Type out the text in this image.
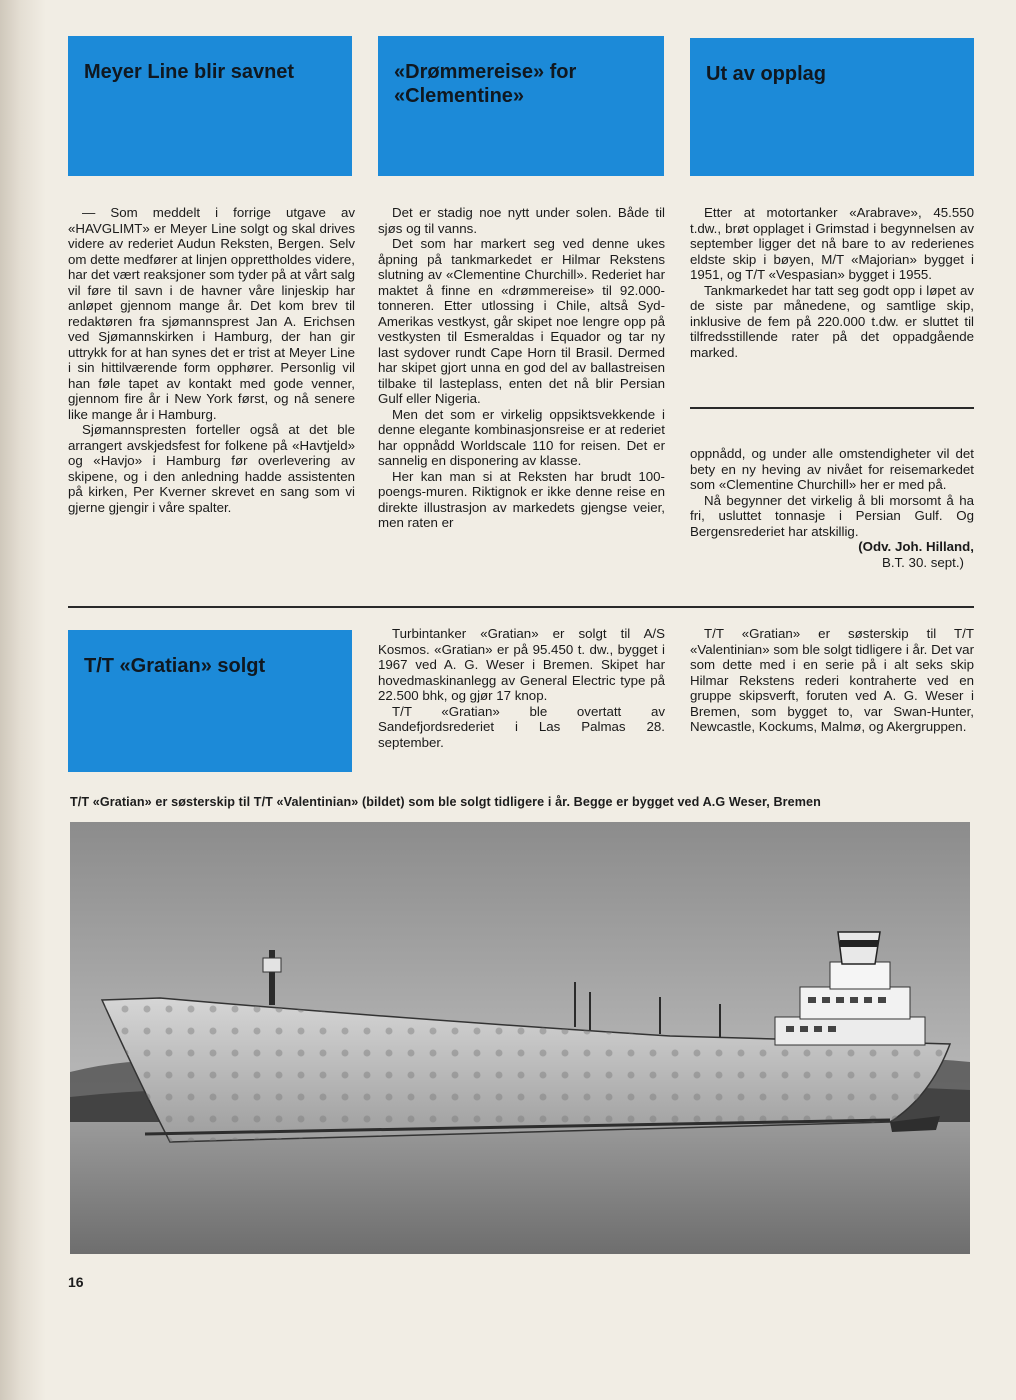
Meyer Line blir savnet	«Drømmereise» for «Clementine»
Ut av opplag

— Som meddelt i forrige utgave av «HAVGLIMT» er Meyer Line solgt og skal drives videre av rederiet Audun Reksten, Bergen. Selv om dette medfører at linjen opprettholdes videre, har det vært reaksjoner som tyder på at vårt salg vil føre til savn i de havner våre linjeskip har anløpet gjennom mange år. Det kom brev til redaktøren fra sjømannsprest Jan A. Erichsen ved Sjømannskirken i Hamburg, der han gir uttrykk for at han synes det er trist at Meyer Line i sin hittilværende form opphører. Personlig vil han føle tapet av kontakt med gode venner, gjennom fire år i New York først, og nå senere like mange år i Hamburg.

Sjømannspresten forteller også at det ble arrangert avskjedsfest for folkene på «Havtjeld» og «Havjo» i Hamburg før overlevering av skipene, og i den anledning hadde assistenten på kirken, Per Kverner skrevet en sang som vi gjerne gjengir i våre spalter.

Det er stadig noe nytt under solen. Både til sjøs og til vanns.

Det som har markert seg ved denne ukes åpning på tankmarkedet er Hilmar Rekstens slutning av «Clementine Churchill». Rederiet har maktet å finne en «drømmereise» til 92.000-tonneren. Etter utlossing i Chile, altså Syd-Amerikas vestkyst, går skipet noe lengre opp på vestkysten til Esmeraldas i Equador og tar ny last sydover rundt Cape Horn til Brasil. Dermed har skipet gjort unna en god del av ballastreisen tilbake til lasteplass, enten det nå blir Persian Gulf eller Nigeria.

Men det som er virkelig oppsiktsvekkende i denne elegante kombinasjonsreise er at rederiet har oppnådd Worldscale 110 for reisen. Det er sannelig en disponering av klasse.

Her kan man si at Reksten har brudt 100-poengs-muren. Riktignok er ikke denne reise en direkte illustrasjon av markedets gjengse veier, men raten er

Etter at motortanker «Arabrave», 45.550 t.dw., brøt opplaget i Grimstad i begynnelsen av september ligger det nå bare to av rederienes eldste skip i bøyen, M/T «Majorian» bygget i 1951, og T/T «Vespasian» bygget i 1955.

Tankmarkedet har tatt seg godt opp i løpet av de siste par månedene, og samtlige skip, inklusive de fem på 220.000 t.dw. er sluttet til tilfredsstillende rater på det oppadgående marked.

oppnådd, og under alle omstendigheter vil det bety en ny heving av nivået for reisemarkedet som «Clementine Churchill» her er med på.

Nå begynner det virkelig å bli morsomt å ha fri, usluttet tonnasje i Persian Gulf. Og Bergensrederiet har atskillig.

(Odv. Joh. Hilland,
B.T. 30. sept.)
T/T «Gratian» solgt

Turbintanker «Gratian» er solgt til A/S Kosmos. «Gratian» er på 95.450 t. dw., bygget i 1967 ved A. G. Weser i Bremen. Skipet har hovedmaskinanlegg av General Electric type på 22.500 bhk, og gjør 17 knop.

T/T «Gratian» ble overtatt av Sandefjordsrederiet i Las Palmas 28. september.

T/T «Gratian» er søsterskip til T/T «Valentinian» som ble solgt tidligere i år. Det var som dette med i en serie på i alt seks skip Hilmar Rekstens rederi kontraherte ved en gruppe skipsverft, foruten ved A. G. Weser i Bremen, som bygget to, var Swan-Hunter, Newcastle, Kockums, Malmø, og Akergruppen.

T/T «Gratian» er søsterskip til T/T «Valentinian» (bildet) som ble solgt tidligere i år. Begge er bygget ved A.G Weser, Bremen
16
